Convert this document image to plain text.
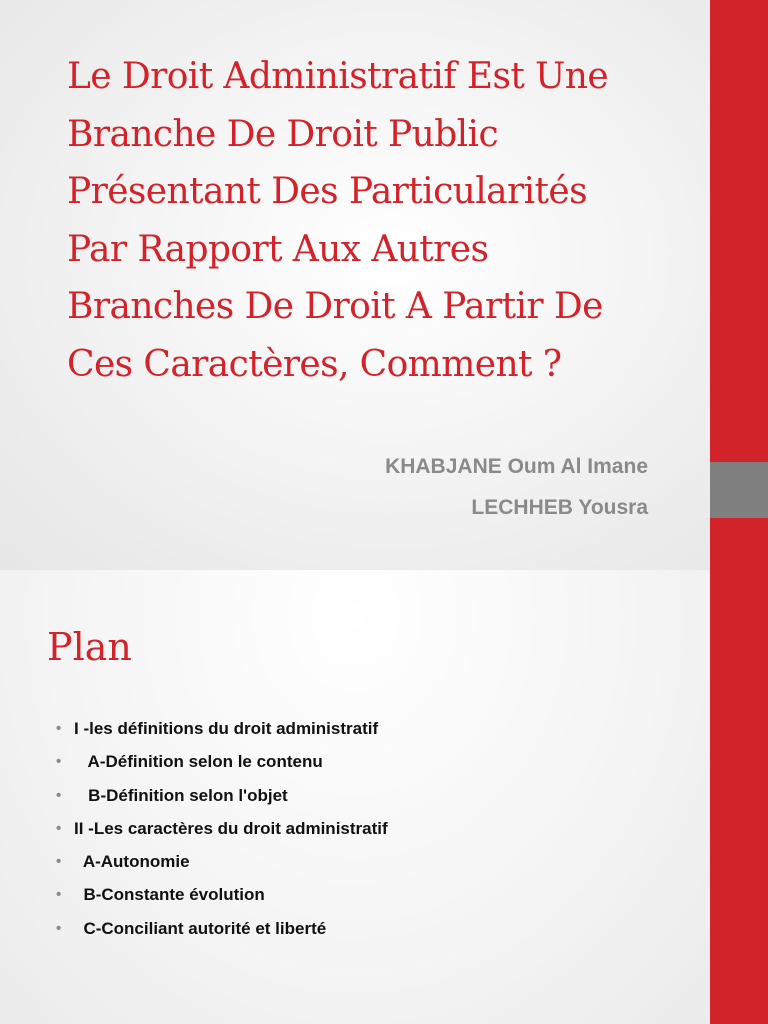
Le Droit Administratif Est Une
Branche De Droit Public
Présentant Des Particularités
Par Rapport Aux Autres
Branches De Droit A Partir De
Ces Caractères, Comment ?
KHABJANE Oum Al Imane
LECHHEB Yousra
Plan
• I -les définitions du droit administratif
• A-Définition selon le contenu
• B-Définition selon l'objet
• II -Les caractères du droit administratif
• A-Autonomie
• B-Constante évolution
• C-Conciliant autorité et liberté
